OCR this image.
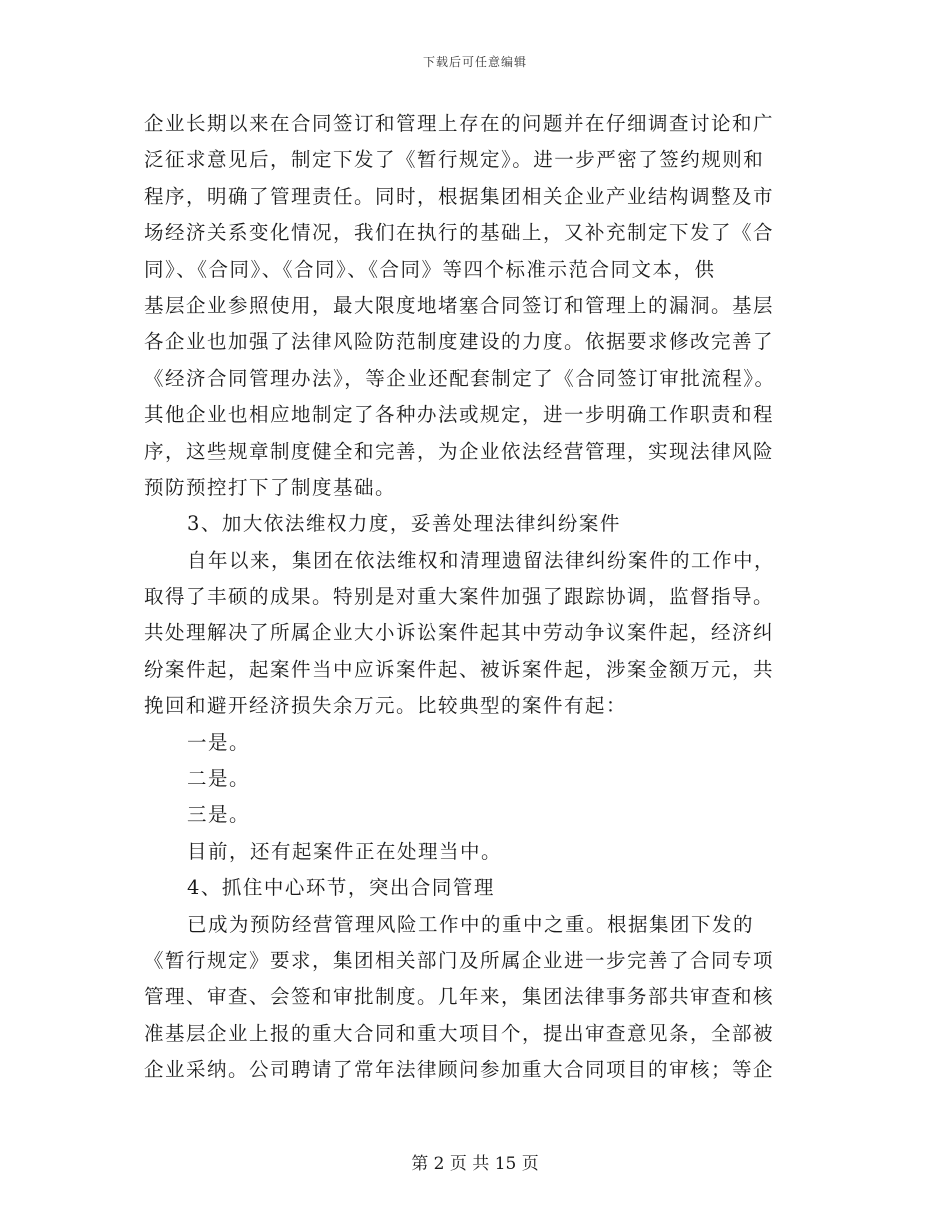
下载后可任意编辑
企业长期以来在合同签订和管理上存在的问题并在仔细调查讨论和广
泛征求意见后，制定下发了《暂行规定》。进一步严密了签约规则和
程序，明确了管理责任。同时，根据集团相关企业产业结构调整及市
场经济关系变化情况，我们在执行的基础上，又补充制定下发了《合
同》、《合同》、《合同》、《合同》等四个标准示范合同文本，供
基层企业参照使用，最大限度地堵塞合同签订和管理上的漏洞。基层
各企业也加强了法律风险防范制度建设的力度。依据要求修改完善了
《经济合同管理办法》，等企业还配套制定了《合同签订审批流程》。
其他企业也相应地制定了各种办法或规定，进一步明确工作职责和程
序，这些规章制度健全和完善，为企业依法经营管理，实现法律风险
预防预控打下了制度基础。
3、加大依法维权力度，妥善处理法律纠纷案件
自年以来，集团在依法维权和清理遗留法律纠纷案件的工作中，
取得了丰硕的成果。特别是对重大案件加强了跟踪协调，监督指导。
共处理解决了所属企业大小诉讼案件起其中劳动争议案件起，经济纠
纷案件起，起案件当中应诉案件起、被诉案件起，涉案金额万元，共
挽回和避开经济损失余万元。比较典型的案件有起：
一是。
二是。
三是。
目前，还有起案件正在处理当中。
4、抓住中心环节，突出合同管理
已成为预防经营管理风险工作中的重中之重。根据集团下发的
《暂行规定》要求，集团相关部门及所属企业进一步完善了合同专项
管理、审查、会签和审批制度。几年来，集团法律事务部共审查和核
准基层企业上报的重大合同和重大项目个，提出审查意见条，全部被
企业采纳。公司聘请了常年法律顾问参加重大合同项目的审核；等企
第 2 页 共 15 页
